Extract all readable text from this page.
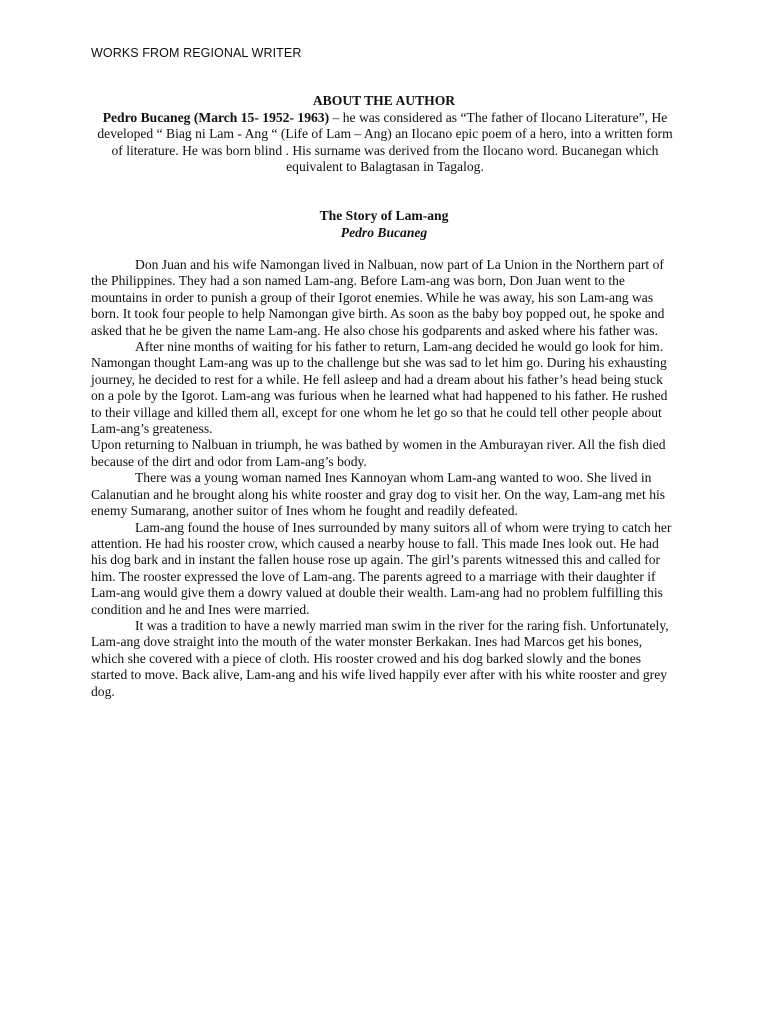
WORKS FROM REGIONAL WRITER
ABOUT THE AUTHOR
Pedro Bucaneg (March 15- 1952- 1963) – he was considered as “The father of Ilocano Literature”, He developed “ Biag ni Lam - Ang “ (Life of Lam – Ang) an Ilocano epic poem of a hero, into a written form of literature. He was born blind . His surname was derived from the Ilocano word. Bucanegan which equivalent to Balagtasan in Tagalog.
The Story of Lam-ang
Pedro Bucaneg

Don Juan and his wife Namongan lived in Nalbuan, now part of La Union in the Northern part of the Philippines. They had a son named Lam-ang. Before Lam-ang was born, Don Juan went to the mountains in order to punish a group of their Igorot enemies. While he was away, his son Lam-ang was born. It took four people to help Namongan give birth. As soon as the baby boy popped out, he spoke and asked that he be given the name Lam-ang. He also chose his godparents and asked where his father was.

After nine months of waiting for his father to return, Lam-ang decided he would go look for him. Namongan thought Lam-ang was up to the challenge but she was sad to let him go. During his exhausting journey, he decided to rest for a while. He fell asleep and had a dream about his father’s head being stuck on a pole by the Igorot. Lam-ang was furious when he learned what had happened to his father. He rushed to their village and killed them all, except for one whom he let go so that he could tell other people about Lam-ang’s greateness.

Upon returning to Nalbuan in triumph, he was bathed by women in the Amburayan river. All the fish died because of the dirt and odor from Lam-ang’s body.

There was a young woman named Ines Kannoyan whom Lam-ang wanted to woo. She lived in Calanutian and he brought along his white rooster and gray dog to visit her. On the way, Lam-ang met his enemy Sumarang, another suitor of Ines whom he fought and readily defeated.

Lam-ang found the house of Ines surrounded by many suitors all of whom were trying to catch her attention. He had his rooster crow, which caused a nearby house to fall. This made Ines look out. He had his dog bark and in instant the fallen house rose up again. The girl’s parents witnessed this and called for him. The rooster expressed the love of Lam-ang. The parents agreed to a marriage with their daughter if Lam-ang would give them a dowry valued at double their wealth. Lam-ang had no problem fulfilling this condition and he and Ines were married.

It was a tradition to have a newly married man swim in the river for the raring fish. Unfortunately, Lam-ang dove straight into the mouth of the water monster Berkakan. Ines had Marcos get his bones, which she covered with a piece of cloth. His rooster crowed and his dog barked slowly and the bones started to move. Back alive, Lam-ang and his wife lived happily ever after with his white rooster and grey dog.
